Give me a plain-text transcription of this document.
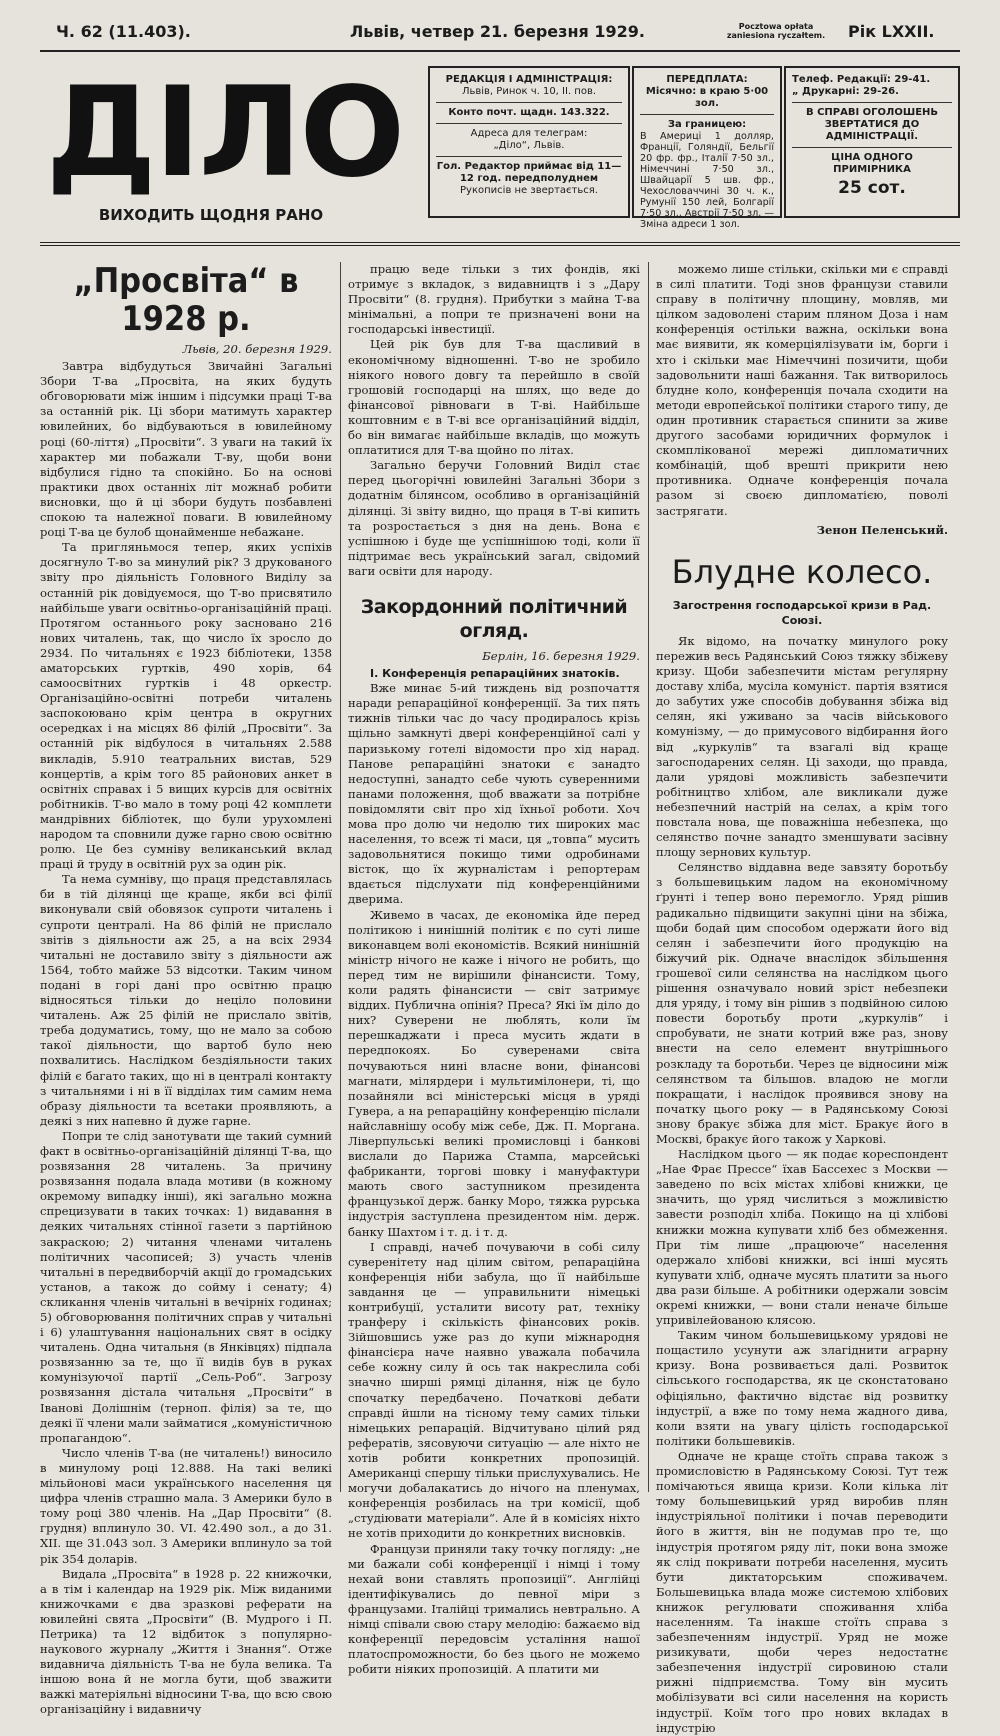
Ч. 62 (11.403).	Львів, четвер 21. березня 1929.	Pocztowa opłata zaniesiona ryczałtem.	Рік LXXII.
ДІЛО
ВИХОДИТЬ ЩОДНЯ РАНО
РЕДАКЦІЯ І АДМІНІСТРАЦІЯ:
Львів, Ринок ч. 10, II. пов.
Конто почт. щадн. 143.322.
Адреса для телеграм:
„Діло“, Львів.
Гол. Редактор приймає від 11—12 год. передполуднем
Рукописів не звертається.
ПЕРЕДПЛАТА:
Місячно: в краю 5·00 зол.
За границею:
В Америці 1 долляр, Франції, Голяндії, Бельгії 20 фр. фр., Італії 7·50 зл., Німеччині 7·50 зл., Швайцарії 5 шв. фр., Чехословаччині 30 ч. к., Румунії 150 лей, Болгарії 7·50 зл., Австрії 7·50 зл. — Зміна адреси 1 зол.
Телеф. Редакції: 29-41.
„ Друкарні: 29-26.
В СПРАВІ ОГОЛОШЕНЬ ЗВЕРТАТИСЯ ДО АДМІНІСТРАЦІЇ.
ЦІНА ОДНОГО ПРИМІРНИКА
25 сот.
„Просвіта“ в 1928 р.
Львів, 20. березня 1929.

Завтра відбудуться Звичайні Загальні Збори Т-ва „Просвіта, на яких будуть обговорювати між іншим і підсумки праці Т-ва за останній рік. Ці збори матимуть характер ювилейних, бо відбуваються в ювилейному році (60-ліття) „Просвіти“. З уваги на такий їх характер ми побажали Т-ву, щоби вони відбулися гідно та спокійно. Бо на основі практики двох останніх літ можнаб робити висновки, що й ці збори будуть позбавлені спокою та належної поваги. В ювилейному році Т-ва це булоб щонайменше небажане.

Та пригляньмося тепер, яких успіхів досягнуло Т-во за минулий рік? З друкованого звіту про діяльність Головного Виділу за останній рік довідуємося, що Т-во присвятило найбільше уваги освітньо-організаційній праці. Протягом останнього року засновано 216 нових читалень, так, що число їх зросло до 2934. По читальнях є 1923 бібліотеки, 1358 аматорських гуртків, 490 хорів, 64 самоосвітних гуртків і 48 оркестр. Організаційно-освітні потреби читалень заспокоювано крім центра в округних осередках і на місцях 86 філій „Просвіти“. За останній рік відбулося в читальнях 2.588 викладів, 5.910 театральних вистав, 529 концертів, а крім того 85 районових анкет в освітніх справах і 5 вищих курсів для освітніх робітників. Т-во мало в тому році 42 комплети мандрівних бібліотек, що були урухомлені народом та сповнили дуже гарно свою освітню ролю. Це без сумніву великанський вклад праці й труду в освітній рух за один рік.

Та нема сумніву, що праця представлялась би в тій ділянці ще краще, якби всі філії виконували свій обовязок супроти читалень і супроти централі. На 86 філій не прислало звітів з діяльности аж 25, а на всіх 2934 читальні не доставило звіту з діяльности аж 1564, тобто майже 53 відсотки. Таким чином подані в горі дані про освітню працю відносяться тільки до неціло половини читалень. Аж 25 філій не прислало звітів, треба додуматись, тому, що не мало за собою такої діяльности, що вартоб було нею похвалитись. Наслідком бездіяльности таких філій є багато таких, що ні в централі контакту з читальнями і ні в її відділах тим самим нема образу діяльности та всетаки проявляють, а деякі з них напевно й дуже гарне.

Попри те слід занотувати ще такий сумний факт в освітньо-організаційній ділянці Т-ва, що розвязання 28 читалень. За причину розвязання подала влада мотиви (в кожному окремому випадку інші), які загально можна спрецизувати в таких точках: 1) видавання в деяких читальнях стінної газети з партійною закраскою; 2) читання членами читалень політичних часописей; 3) участь членів читальні в передвиборчій акції до громадських установ, а також до сойму і сенату; 4) скликання членів читальні в вечірніх годинах; 5) обговорювання політичних справ у читальні і 6) улаштування національних свят в осідку читалень. Одна читальня (в Янківцях) підпала розвязанню за те, що її видів був в руках комунізуючої партії „Сель-Роб“. Загрозу розвязання дістала читальня „Просвіти“ в Іванові Долішнім (терноп. філія) за те, що деякі її члени мали займатися „комуністичною пропагандою“.

Число членів Т-ва (не читалень!) виносило в минулому році 12.888. На такі великі мільйонові маси українського населення ця цифра членів страшно мала. З Америки було в тому році 380 членів. На „Дар Просвіти“ (8. грудня) вплинуло 30. VI. 42.490 зол., а до 31. XII. ще 31.043 зол. З Америки вплинуло за той рік 354 доларів.

Видала „Просвіта“ в 1928 р. 22 книжочки, а в тім і календар на 1929 рік. Між виданими книжочками є два зразкові реферати на ювилейні свята „Просвіти“ (В. Мудрого і П. Петрика) та 12 відбиток з популярно-наукового журналу „Життя і Знання“. Отже видавнича діяльність Т-ва не була велика. Та іншою вона й не могла бути, щоб зважити важкі матеріяльні відносини Т-ва, що всю свою організаційну і видавничу

працю веде тільки з тих фондів, які отримує з вкладок, з видавництв і з „Дару Просвіти“ (8. грудня). Прибутки з майна Т-ва мінімальні, а попри те призначені вони на господарські інвестиції.

Цей рік був для Т-ва щасливий в економічному відношенні. Т-во не зробило ніякого нового довгу та перейшло в своїй грошовій господарці на шлях, що веде до фінансової рівноваги в Т-ві. Найбільше коштовним є в Т-ві все організаційний відділ, бо він вимагає найбільше вкладів, що можуть оплатитися для Т-ва щойно по літах.

Загально беручи Головний Виділ стає перед цьогорічні ювилейні Загальні Збори з додатнім білянсом, особливо в організаційній ділянці. Зі звіту видно, що праця в Т-ві кипить та розростається з дня на день. Вона є успішною і буде ще успішнішою тоді, коли її підтримає весь український загал, свідомий ваги освіти для народу.

Закордонний політичний огляд.
Берлін, 16. березня 1929.

I. Конференція репараційних знатоків.

Вже минає 5-ий тиждень від розпочаття наради репараційної конференції. За тих пять тижнів тільки час до часу продиралось крізь щільно замкнуті двері конференційної салі у паризькому готелі відомости про хід нарад. Панове репараційні знатоки є занадто недоступні, занадто себе чують суверенними панами положення, щоб вважати за потрібне повідомляти світ про хід їхньої роботи. Хоч мова про долю чи недолю тих широких мас населення, то всеж ті маси, ця „товпа“ мусить задовольнятися покищо тими одробинами вісток, що їх журналістам і репортерам вдається підслухати під конференційними дверима.

Живемо в часах, де економіка йде перед політикою і нинішній політик є по суті лише виконавцем волі економістів. Всякий нинішній міністр нічого не каже і нічого не робить, що перед тим не вирішили фінансисти. Тому, коли радять фінансисти — світ затримує віддих. Публична опінія? Преса? Які їм діло до них? Суверени не люблять, коли їм перешкаджати і преса мусить ждати в передпокоях. Бо суверенами світа почуваються нині власне вони, фінансові магнати, мілярдери і мультимілонери, ті, що позайняли всі міністерські місця в уряді Гувера, а на репараційну конференцію післали найславнішу особу між себе, Дж. П. Моргана. Ліверпульські великі промисловці і банкові вислали до Парижа Стампа, марсейські фабриканти, торгові шовку і мануфактури мають свого заступником президента французької держ. банку Моро, тяжка рурська індустрія заступлена президентом нім. держ. банку Шахтом і т. д. і т. д.

І справді, начеб почуваючи в собі силу суверенітету над цілим світом, репараційна конференція ніби забула, що її найбільше завдання це — управильнити німецькі контрибуції, усталити висоту рат, техніку транферу і скількість фінансових років. Зійшовшись уже раз до купи міжнародня фінансієра наче наявно уважала побачила себе кожну силу й ось так накреслила собі значно ширші рямці ділання, ніж це було спочатку передбачено. Початкові дебати справді йшли на тісному тему самих тільки німецьких репарацій. Відчитувано цілий ряд рефератів, зясовуючи ситуацію — але ніхто не хотів робити конкретних пропозицій. Американці спершу тільки прислухувались. Не могучи добалакатись до нічого на пленумах, конференція розбилась на три комісії, щоб „студіювати матеріали“. Але й в комісіях ніхто не хотів приходити до конкретних висновків.

Французи приняли таку точку погляду: „не ми бажали собі конференції і німці і тому нехай вони ставлять пропозиції“. Англійці ідентифікувались до певної міри з французами. Італійці тримались невтрально. А німці співали свою стару мелодію: бажаємо від конференції передовсім устаління нашої платоспроможности, бо без цього не можемо робити ніяких пропозицій. А платити ми

можемо лише стільки, скільки ми є справді в силі платити. Тоді знов французи ставили справу в політичну площину, мовляв, ми цілком задоволені старим пляном Доза і нам конференція остільки важна, оскільки вона має виявити, як комерціялізувати ім, борги і хто і скільки має Німеччині позичити, щоби задовольнити наші бажання. Так витворилось блудне коло, конференція почала сходити на методи европейської політики старого типу, де один противник старається спинити за живе другого засобами юридичних формулок і скомплікованої мережі дипломатичних комбінацій, щоб врешті прикрити нею противника. Одначе конференція почала разом зі своєю дипломатією, поволі застрягати.

Зенон Пеленський.
Блудне колесо.
Загострення господарської кризи в Рад. Союзі.

Як відомо, на початку минулого року пережив весь Радянський Союз тяжку збіжеву кризу. Щоби забезпечити містам регулярну доставу хліба, мусіла комуніст. партія взятися до забутих уже способів добування збіжа від селян, які уживано за часів військового комунізму, — до примусового відбирання його від „куркулів“ та взагалі від краще загосподарених селян. Ці заходи, що правда, дали урядові можливість забезпечити робітництво хлібом, але викликали дуже небезпечний настрій на селах, а крім того повстала нова, ще поважніша небезпека, що селянство почне занадто зменшувати засівну площу зернових культур.

Селянство віддавна веде завзяту боротьбу з большевицьким ладом на економічному ґрунті і тепер воно перемогло. Уряд рішив радикально підвищити закупні ціни на збіжа, щоби бодай цим способом одержати його від селян і забезпечити його продукцію на біжучий рік. Одначе внаслідок збільшення грошевої сили селянства на наслідком цього рішення означувало новий зріст небезпеки для уряду, і тому він рішив з подвійною силою повести боротьбу проти „куркулів“ і спробувати, не знати котрий вже раз, знову внести на село елемент внутрішнього розкладу та боротьби. Через це відносини між селянством та більшов. владою не могли покращати, і наслідок проявився знову на початку цього року — в Радянському Союзі знову бракує збіжа для міст. Бракує його в Москві, бракує його також у Харкові.

Наслідком цього — як подає кореспондент „Нае Фрає Прессе“ їхав Бассехес з Москви — заведено по всіх містах хлібові книжки, це значить, що уряд числиться з можливістю завести розподіл хліба. Покищо на ці хлібові книжки можна купувати хліб без обмеження. При тім лише „працююче“ населення одержало хлібові книжки, всі інші мусять купувати хліб, одначе мусять платити за нього два рази більше. А робітники одержали зовсім окремі книжки, — вони стали неначе більше упривілейованою клясою.

Таким чином большевицькому урядові не пощастило усунути аж злагіднити аграрну кризу. Вона розвивається далі. Розвиток сільського господарства, як це сконстатовано офіціяльно, фактично відстає від розвитку індустрії, а вже по тому нема жадного дива, коли взяти на увагу цілість господарської політики большевиків.

Одначе не краще стоїть справа також з промисловістю в Радянському Союзі. Тут теж помічаються явища кризи. Коли кілька літ тому большевицький уряд виробив плян індустріяльної політики і почав переводити його в життя, він не подумав про те, що індустрія протягом ряду літ, поки вона зможе як слід покривати потреби населення, мусить бути диктаторським споживачем. Большевицька влада може системою хлібових книжок регулювати споживання хліба населенням. Та інакше стоїть справа з забезпеченням індустрії. Уряд не може ризикувати, щоби через недостатнє забезпечення індустрії сировиною стали рижні підприємства. Тому він мусить мобілізувати всі сили населення на користь індустрії. Коїм того про нових вкладах в індустрію
